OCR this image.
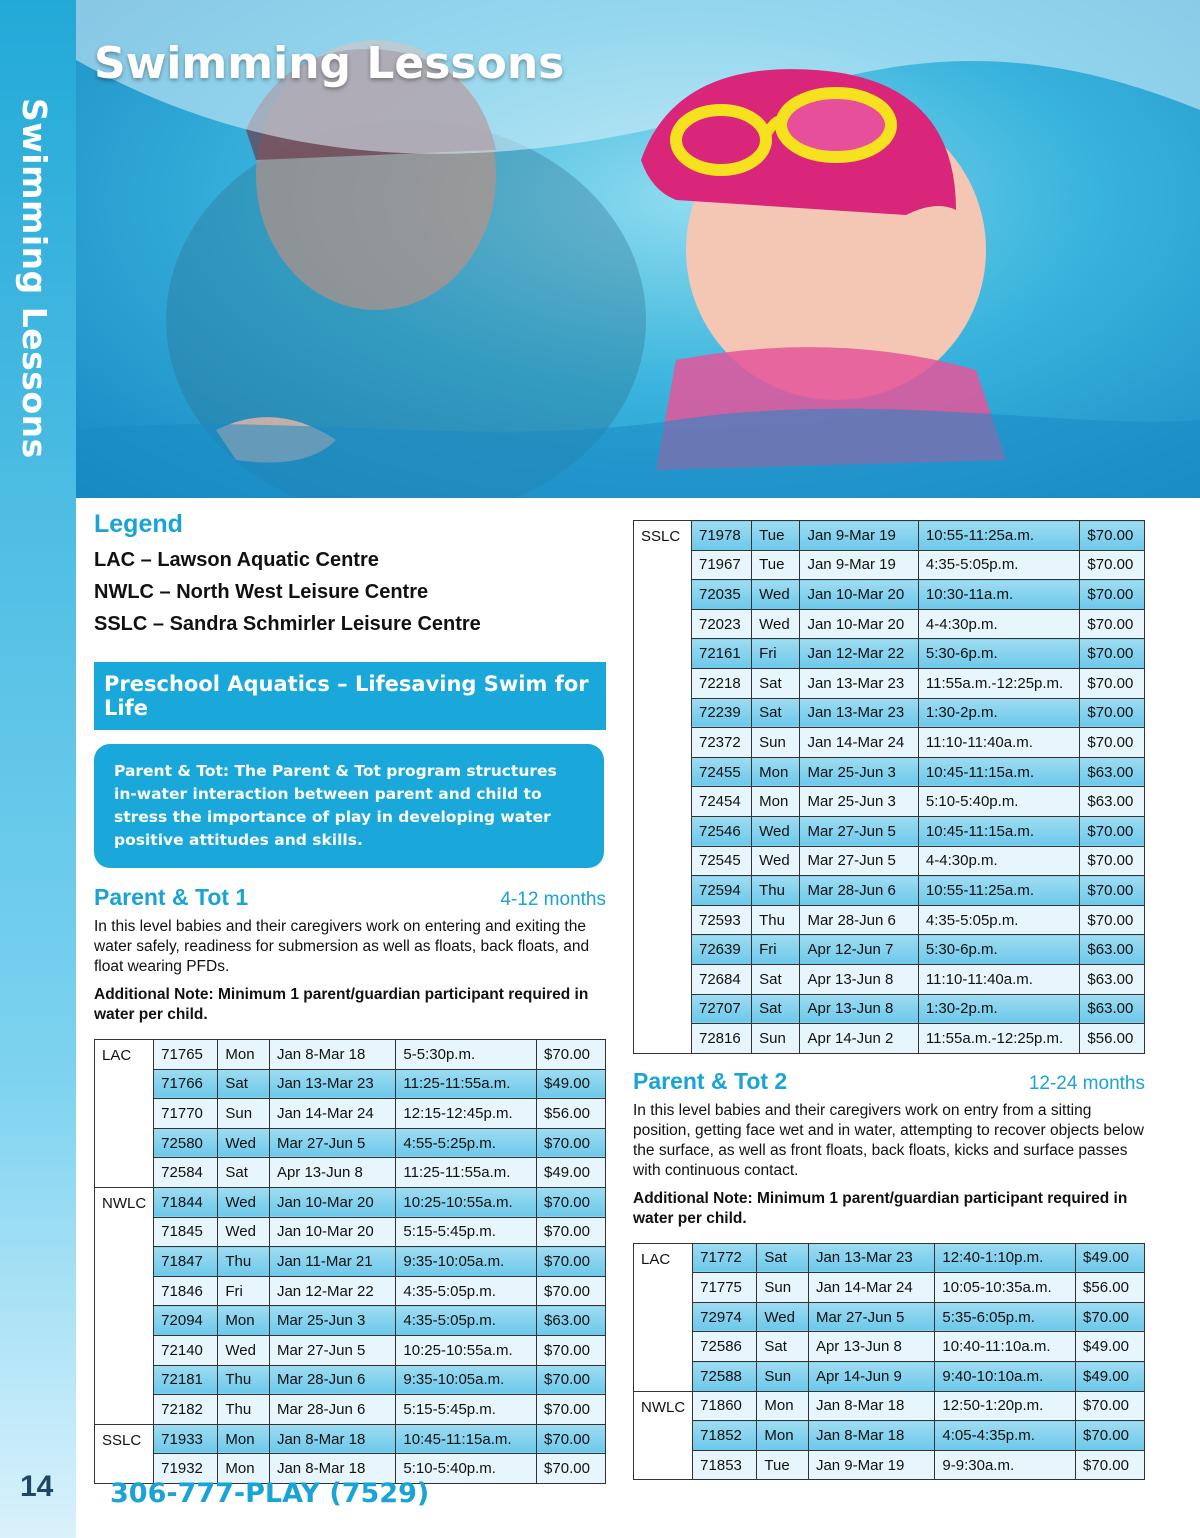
Swimming Lessons
Swimming Lessons
Legend
LAC – Lawson Aquatic Centre
NWLC – North West Leisure Centre
SSLC – Sandra Schmirler Leisure Centre
Preschool Aquatics – Lifesaving Swim for Life
Parent & Tot: The Parent & Tot program structures in-water interaction between parent and child to stress the importance of play in developing water positive attitudes and skills.
Parent & Tot 1	4-12 months
In this level babies and their caregivers work on entering and exiting the water safely, readiness for submersion as well as floats, back floats, and float wearing PFDs.
Additional Note: Minimum 1 parent/guardian participant required in water per child.
LAC	71765	Mon	Jan 8-Mar 18	5-5:30p.m.	$70.00
	71766	Sat	Jan 13-Mar 23	11:25-11:55a.m.	$49.00
	71770	Sun	Jan 14-Mar 24	12:15-12:45p.m.	$56.00
	72580	Wed	Mar 27-Jun 5	4:55-5:25p.m.	$70.00
	72584	Sat	Apr 13-Jun 8	11:25-11:55a.m.	$49.00
NWLC	71844	Wed	Jan 10-Mar 20	10:25-10:55a.m.	$70.00
	71845	Wed	Jan 10-Mar 20	5:15-5:45p.m.	$70.00
	71847	Thu	Jan 11-Mar 21	9:35-10:05a.m.	$70.00
	71846	Fri	Jan 12-Mar 22	4:35-5:05p.m.	$70.00
	72094	Mon	Mar 25-Jun 3	4:35-5:05p.m.	$63.00
	72140	Wed	Mar 27-Jun 5	10:25-10:55a.m.	$70.00
	72181	Thu	Mar 28-Jun 6	9:35-10:05a.m.	$70.00
	72182	Thu	Mar 28-Jun 6	5:15-5:45p.m.	$70.00
SSLC	71933	Mon	Jan 8-Mar 18	10:45-11:15a.m.	$70.00
	71932	Mon	Jan 8-Mar 18	5:10-5:40p.m.	$70.00
SSLC	71978	Tue	Jan 9-Mar 19	10:55-11:25a.m.	$70.00
	71967	Tue	Jan 9-Mar 19	4:35-5:05p.m.	$70.00
	72035	Wed	Jan 10-Mar 20	10:30-11a.m.	$70.00
	72023	Wed	Jan 10-Mar 20	4-4:30p.m.	$70.00
	72161	Fri	Jan 12-Mar 22	5:30-6p.m.	$70.00
	72218	Sat	Jan 13-Mar 23	11:55a.m.-12:25p.m.	$70.00
	72239	Sat	Jan 13-Mar 23	1:30-2p.m.	$70.00
	72372	Sun	Jan 14-Mar 24	11:10-11:40a.m.	$70.00
	72455	Mon	Mar 25-Jun 3	10:45-11:15a.m.	$63.00
	72454	Mon	Mar 25-Jun 3	5:10-5:40p.m.	$63.00
	72546	Wed	Mar 27-Jun 5	10:45-11:15a.m.	$70.00
	72545	Wed	Mar 27-Jun 5	4-4:30p.m.	$70.00
	72594	Thu	Mar 28-Jun 6	10:55-11:25a.m.	$70.00
	72593	Thu	Mar 28-Jun 6	4:35-5:05p.m.	$70.00
	72639	Fri	Apr 12-Jun 7	5:30-6p.m.	$63.00
	72684	Sat	Apr 13-Jun 8	11:10-11:40a.m.	$63.00
	72707	Sat	Apr 13-Jun 8	1:30-2p.m.	$63.00
	72816	Sun	Apr 14-Jun 2	11:55a.m.-12:25p.m.	$56.00
Parent & Tot 2	12-24 months
In this level babies and their caregivers work on entry from a sitting position, getting face wet and in water, attempting to recover objects below the surface, as well as front floats, back floats, kicks and surface passes with continuous contact.
Additional Note: Minimum 1 parent/guardian participant required in water per child.
LAC	71772	Sat	Jan 13-Mar 23	12:40-1:10p.m.	$49.00
	71775	Sun	Jan 14-Mar 24	10:05-10:35a.m.	$56.00
	72974	Wed	Mar 27-Jun 5	5:35-6:05p.m.	$70.00
	72586	Sat	Apr 13-Jun 8	10:40-11:10a.m.	$49.00
	72588	Sun	Apr 14-Jun 9	9:40-10:10a.m.	$49.00
NWLC	71860	Mon	Jan 8-Mar 18	12:50-1:20p.m.	$70.00
	71852	Mon	Jan 8-Mar 18	4:05-4:35p.m.	$70.00
	71853	Tue	Jan 9-Mar 19	9-9:30a.m.	$70.00
14 306-777-PLAY (7529)
